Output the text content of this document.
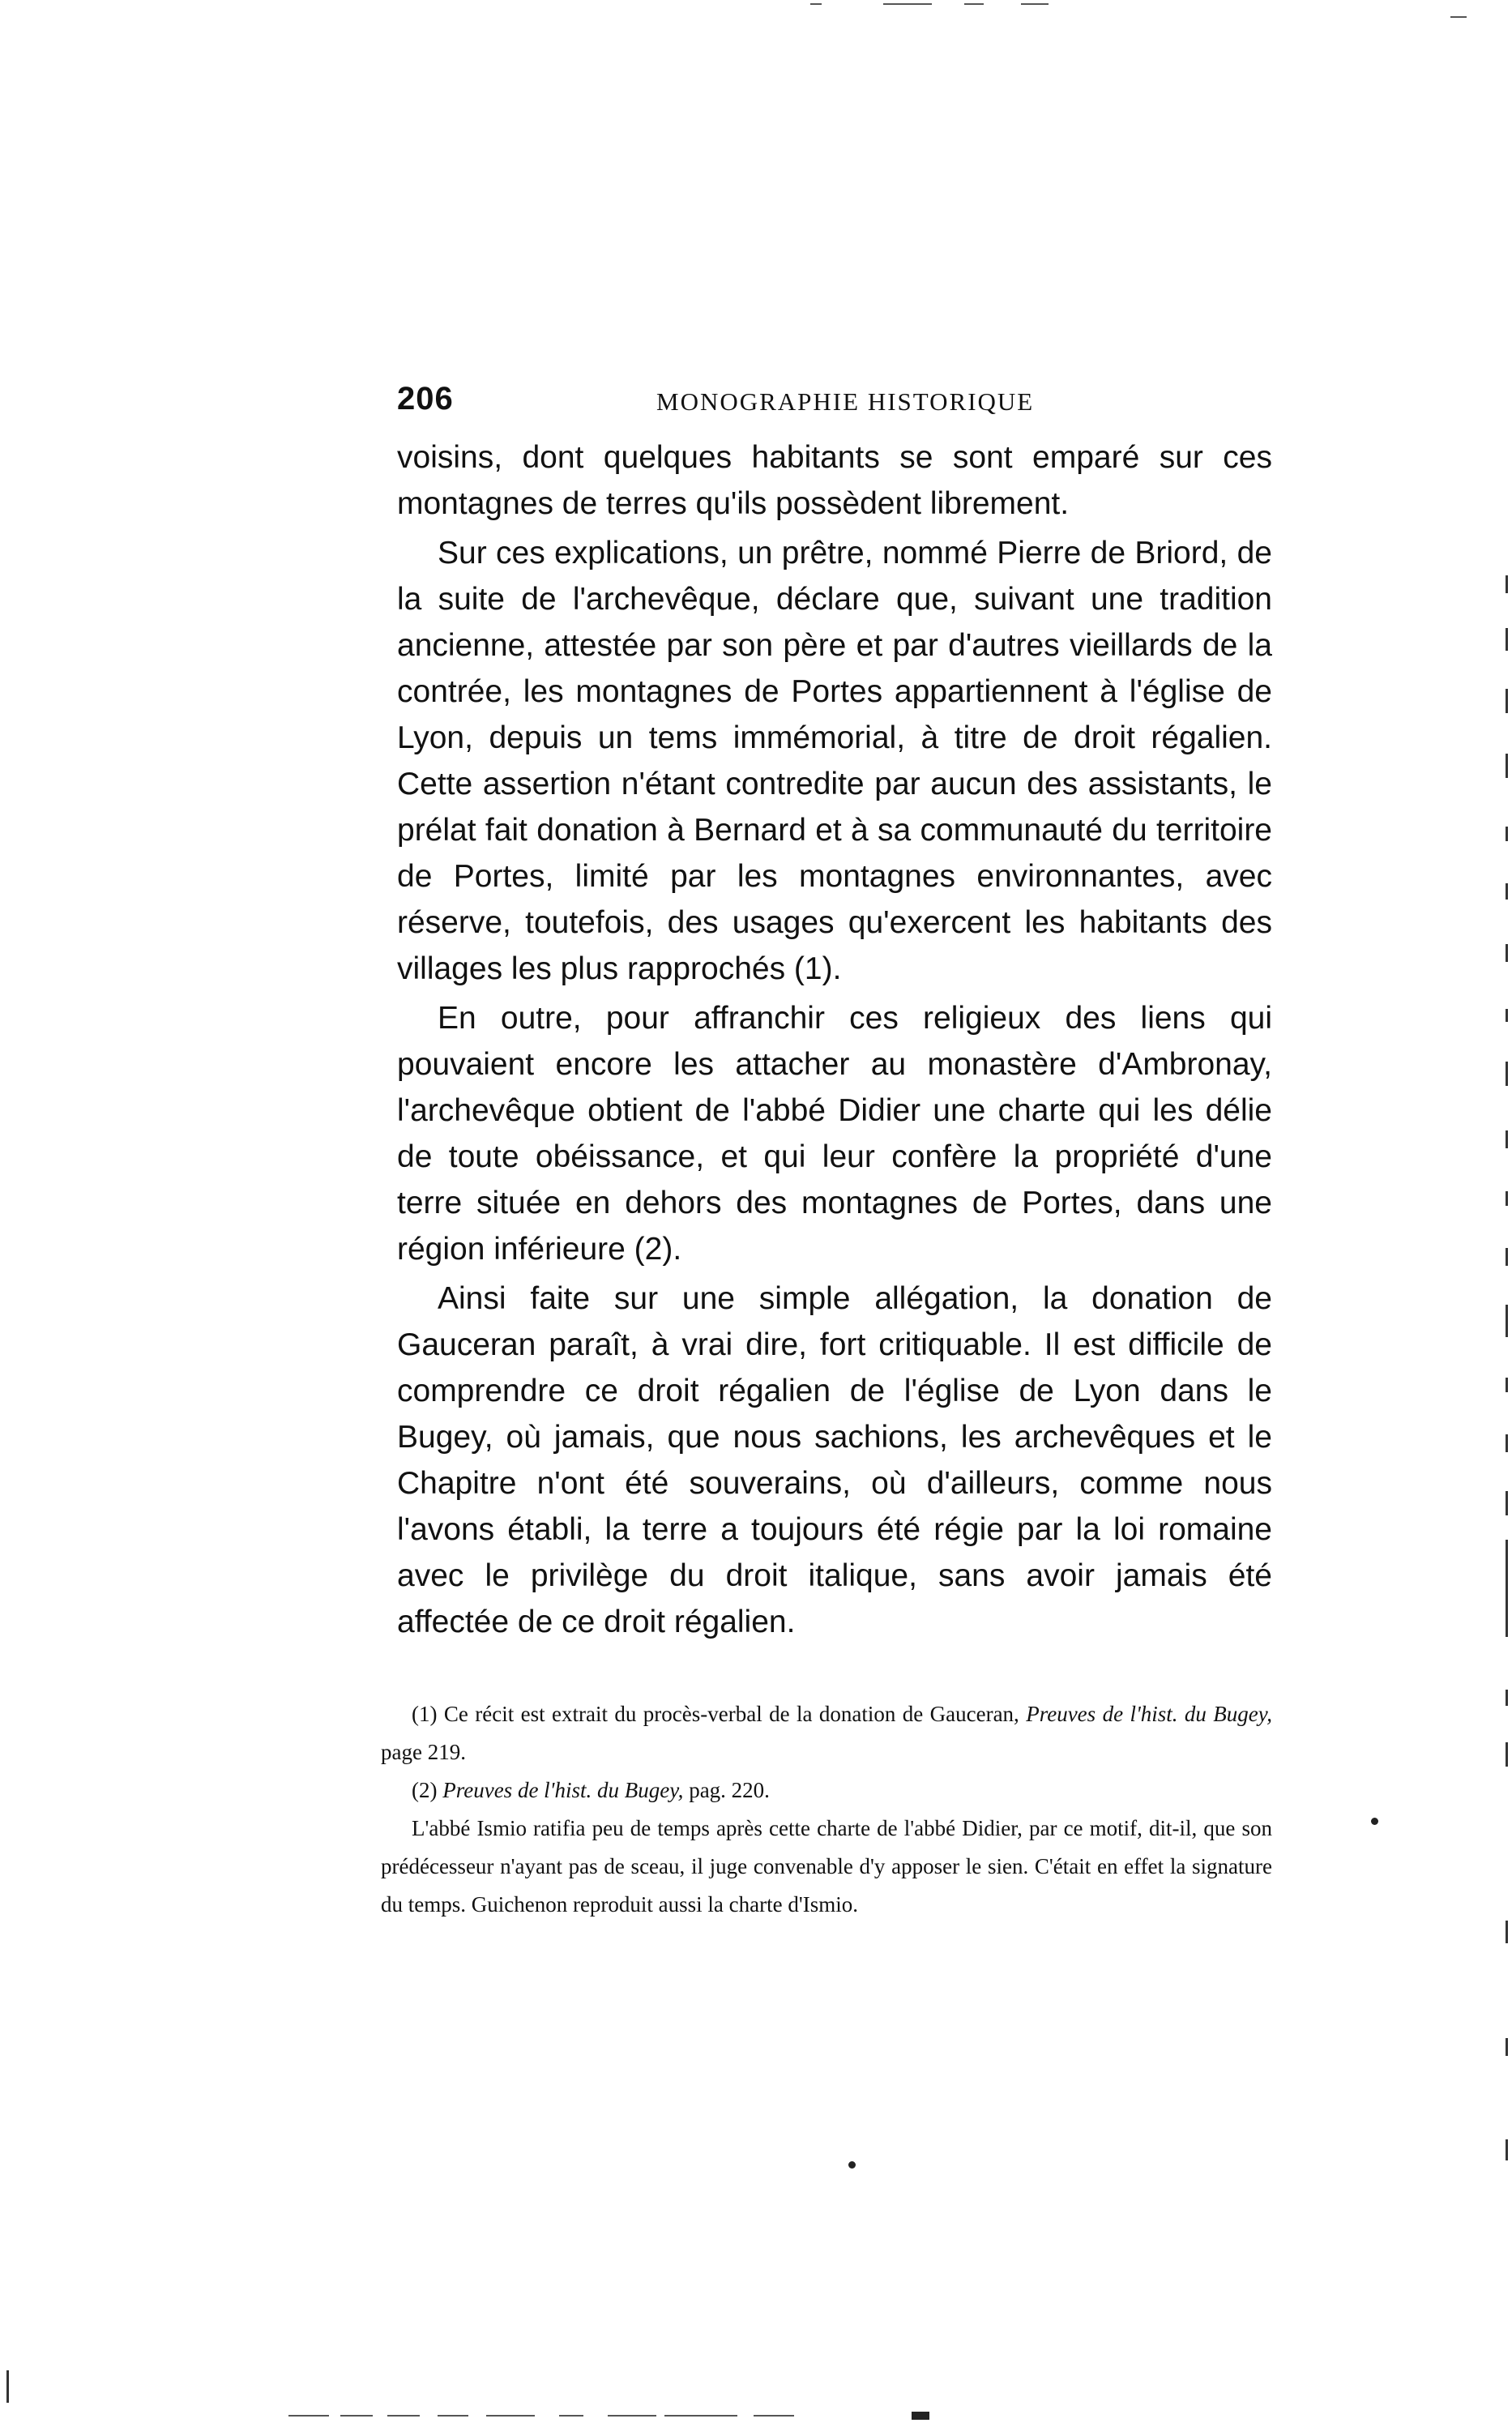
206	MONOGRAPHIE HISTORIQUE

voisins, dont quelques habitants se sont emparé sur ces montagnes de terres qu'ils possèdent librement.

Sur ces explications, un prêtre, nommé Pierre de Briord, de la suite de l'archevêque, déclare que, suivant une tradition ancienne, attestée par son père et par d'autres vieillards de la contrée, les montagnes de Portes appartiennent à l'église de Lyon, depuis un tems immémorial, à titre de droit régalien. Cette assertion n'étant contredite par aucun des assistants, le prélat fait donation à Bernard et à sa communauté du territoire de Portes, limité par les montagnes environnantes, avec réserve, toutefois, des usages qu'exercent les habitants des villages les plus rapprochés (1).

En outre, pour affranchir ces religieux des liens qui pouvaient encore les attacher au monastère d'Ambronay, l'archevêque obtient de l'abbé Didier une charte qui les délie de toute obéissance, et qui leur confère la propriété d'une terre située en dehors des montagnes de Portes, dans une région inférieure (2).

Ainsi faite sur une simple allégation, la donation de Gauceran paraît, à vrai dire, fort critiquable. Il est difficile de comprendre ce droit régalien de l'église de Lyon dans le Bugey, où jamais, que nous sachions, les archevêques et le Chapitre n'ont été souverains, où d'ailleurs, comme nous l'avons établi, la terre a toujours été régie par la loi romaine avec le privilège du droit italique, sans avoir jamais été affectée de ce droit régalien.

(1) Ce récit est extrait du procès-verbal de la donation de Gauceran, Preuves de l'hist. du Bugey, page 219.

(2) Preuves de l'hist. du Bugey, pag. 220.

L'abbé Ismio ratifia peu de temps après cette charte de l'abbé Didier, par ce motif, dit-il, que son prédécesseur n'ayant pas de sceau, il juge convenable d'y apposer le sien. C'était en effet la signature du temps. Guichenon reproduit aussi la charte d'Ismio.
